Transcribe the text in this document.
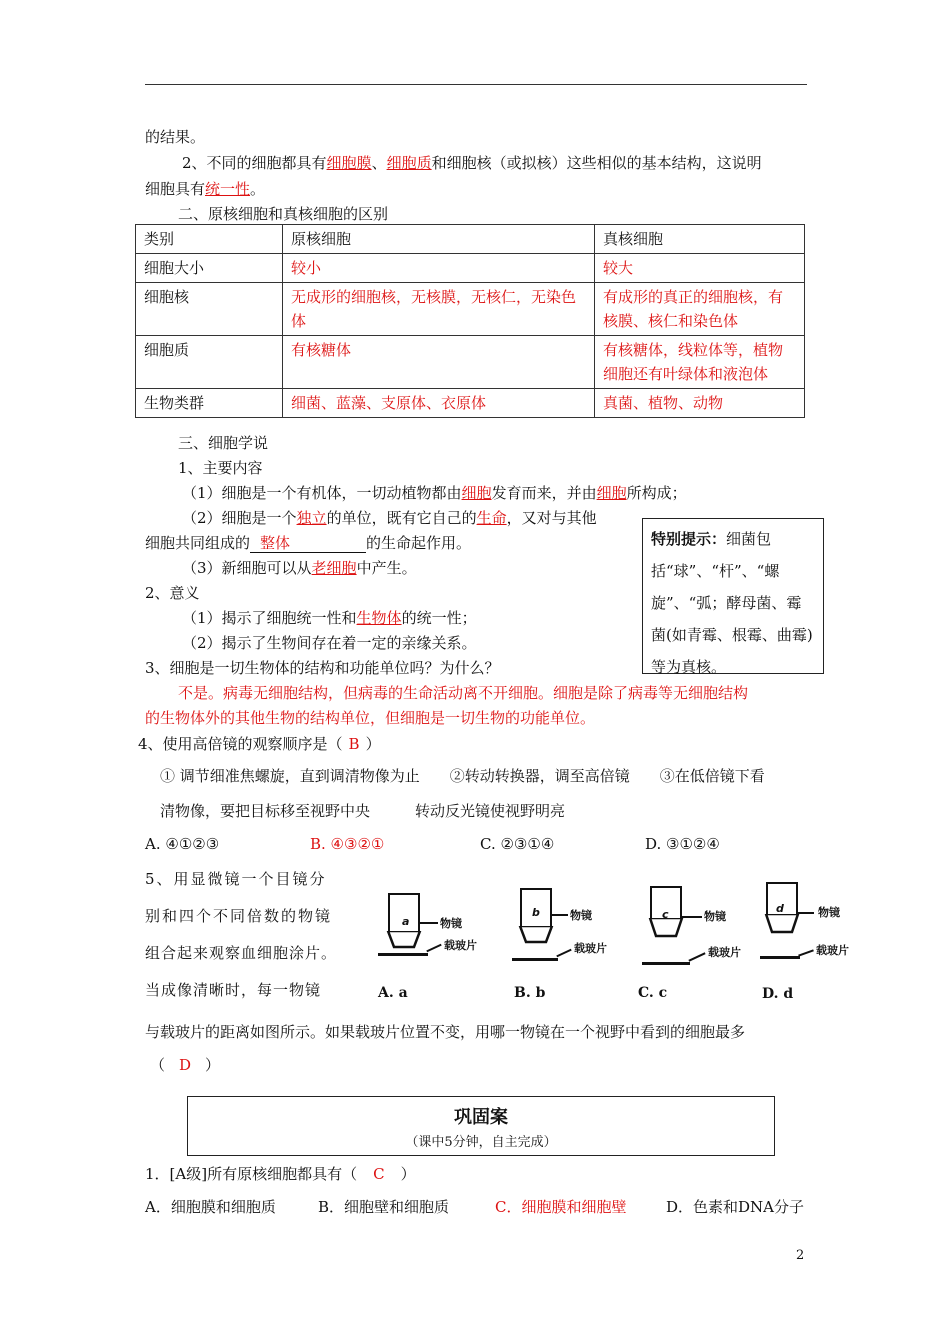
的结果。
2、不同的细胞都具有细胞膜、细胞质和细胞核（或拟核）这些相似的基本结构，这说明
细胞具有统一性。
二、原核细胞和真核细胞的区别
类别	原核细胞	真核细胞
细胞大小	较小	较大
细胞核	无成形的细胞核，无核膜，无核仁，无染色体	有成形的真正的细胞核，有核膜、核仁和染色体
细胞质	有核糖体	有核糖体，线粒体等，植物细胞还有叶绿体和液泡体
生物类群	细菌、蓝藻、支原体、衣原体	真菌、植物、动物
三、细胞学说
1、主要内容
（1）细胞是一个有机体，一切动植物都由细胞发育而来，并由细胞所构成；
（2）细胞是一个独立的单位，既有它自己的生命，又对与其他
细胞共同组成的 整体	的生命起作用。
（3）新细胞可以从老细胞中产生。
2、意义
（1）揭示了细胞统一性和生物体的统一性；
（2）揭示了生物间存在着一定的亲缘关系。
3、细胞是一切生物体的结构和功能单位吗？为什么？
不是。病毒无细胞结构，但病毒的生命活动离不开细胞。细胞是除了病毒等无细胞结构
的生物体外的其他生物的结构单位，但细胞是一切生物的功能单位。
特别提示：细菌包括“球”、“杆”、“螺旋”、“弧；酵母菌、霉菌(如青霉、根霉、曲霉)等为真核。
4、使用高倍镜的观察顺序是（ B ）
① 调节细准焦螺旋，直到调清物像为止　　②转动转换器，调至高倍镜　　③在低倍镜下看
清物像，要把目标移至视野中央　　　转动反光镜使视野明亮
A. ④①②③	B. ④③②①	C. ②③①④	D. ③①②④
5、用显微镜一个目镜分
别和四个不同倍数的物镜
组合起来观察血细胞涂片。
当成像清晰时，每一物镜
a	物镜
载玻片
A. a
b	物镜
载玻片
B. b
c	物镜
载玻片
C. c
d	物镜
载玻片
D. d
与载玻片的距离如图所示。如果载玻片位置不变，用哪一物镜在一个视野中看到的细胞最多
（ D ）
巩固案
（课中5分钟，自主完成）
1．[A级]所有原核细胞都具有（ C ）
A．细胞膜和细胞质	B．细胞壁和细胞质	C．细胞膜和细胞壁	D．色素和DNA分子
2
